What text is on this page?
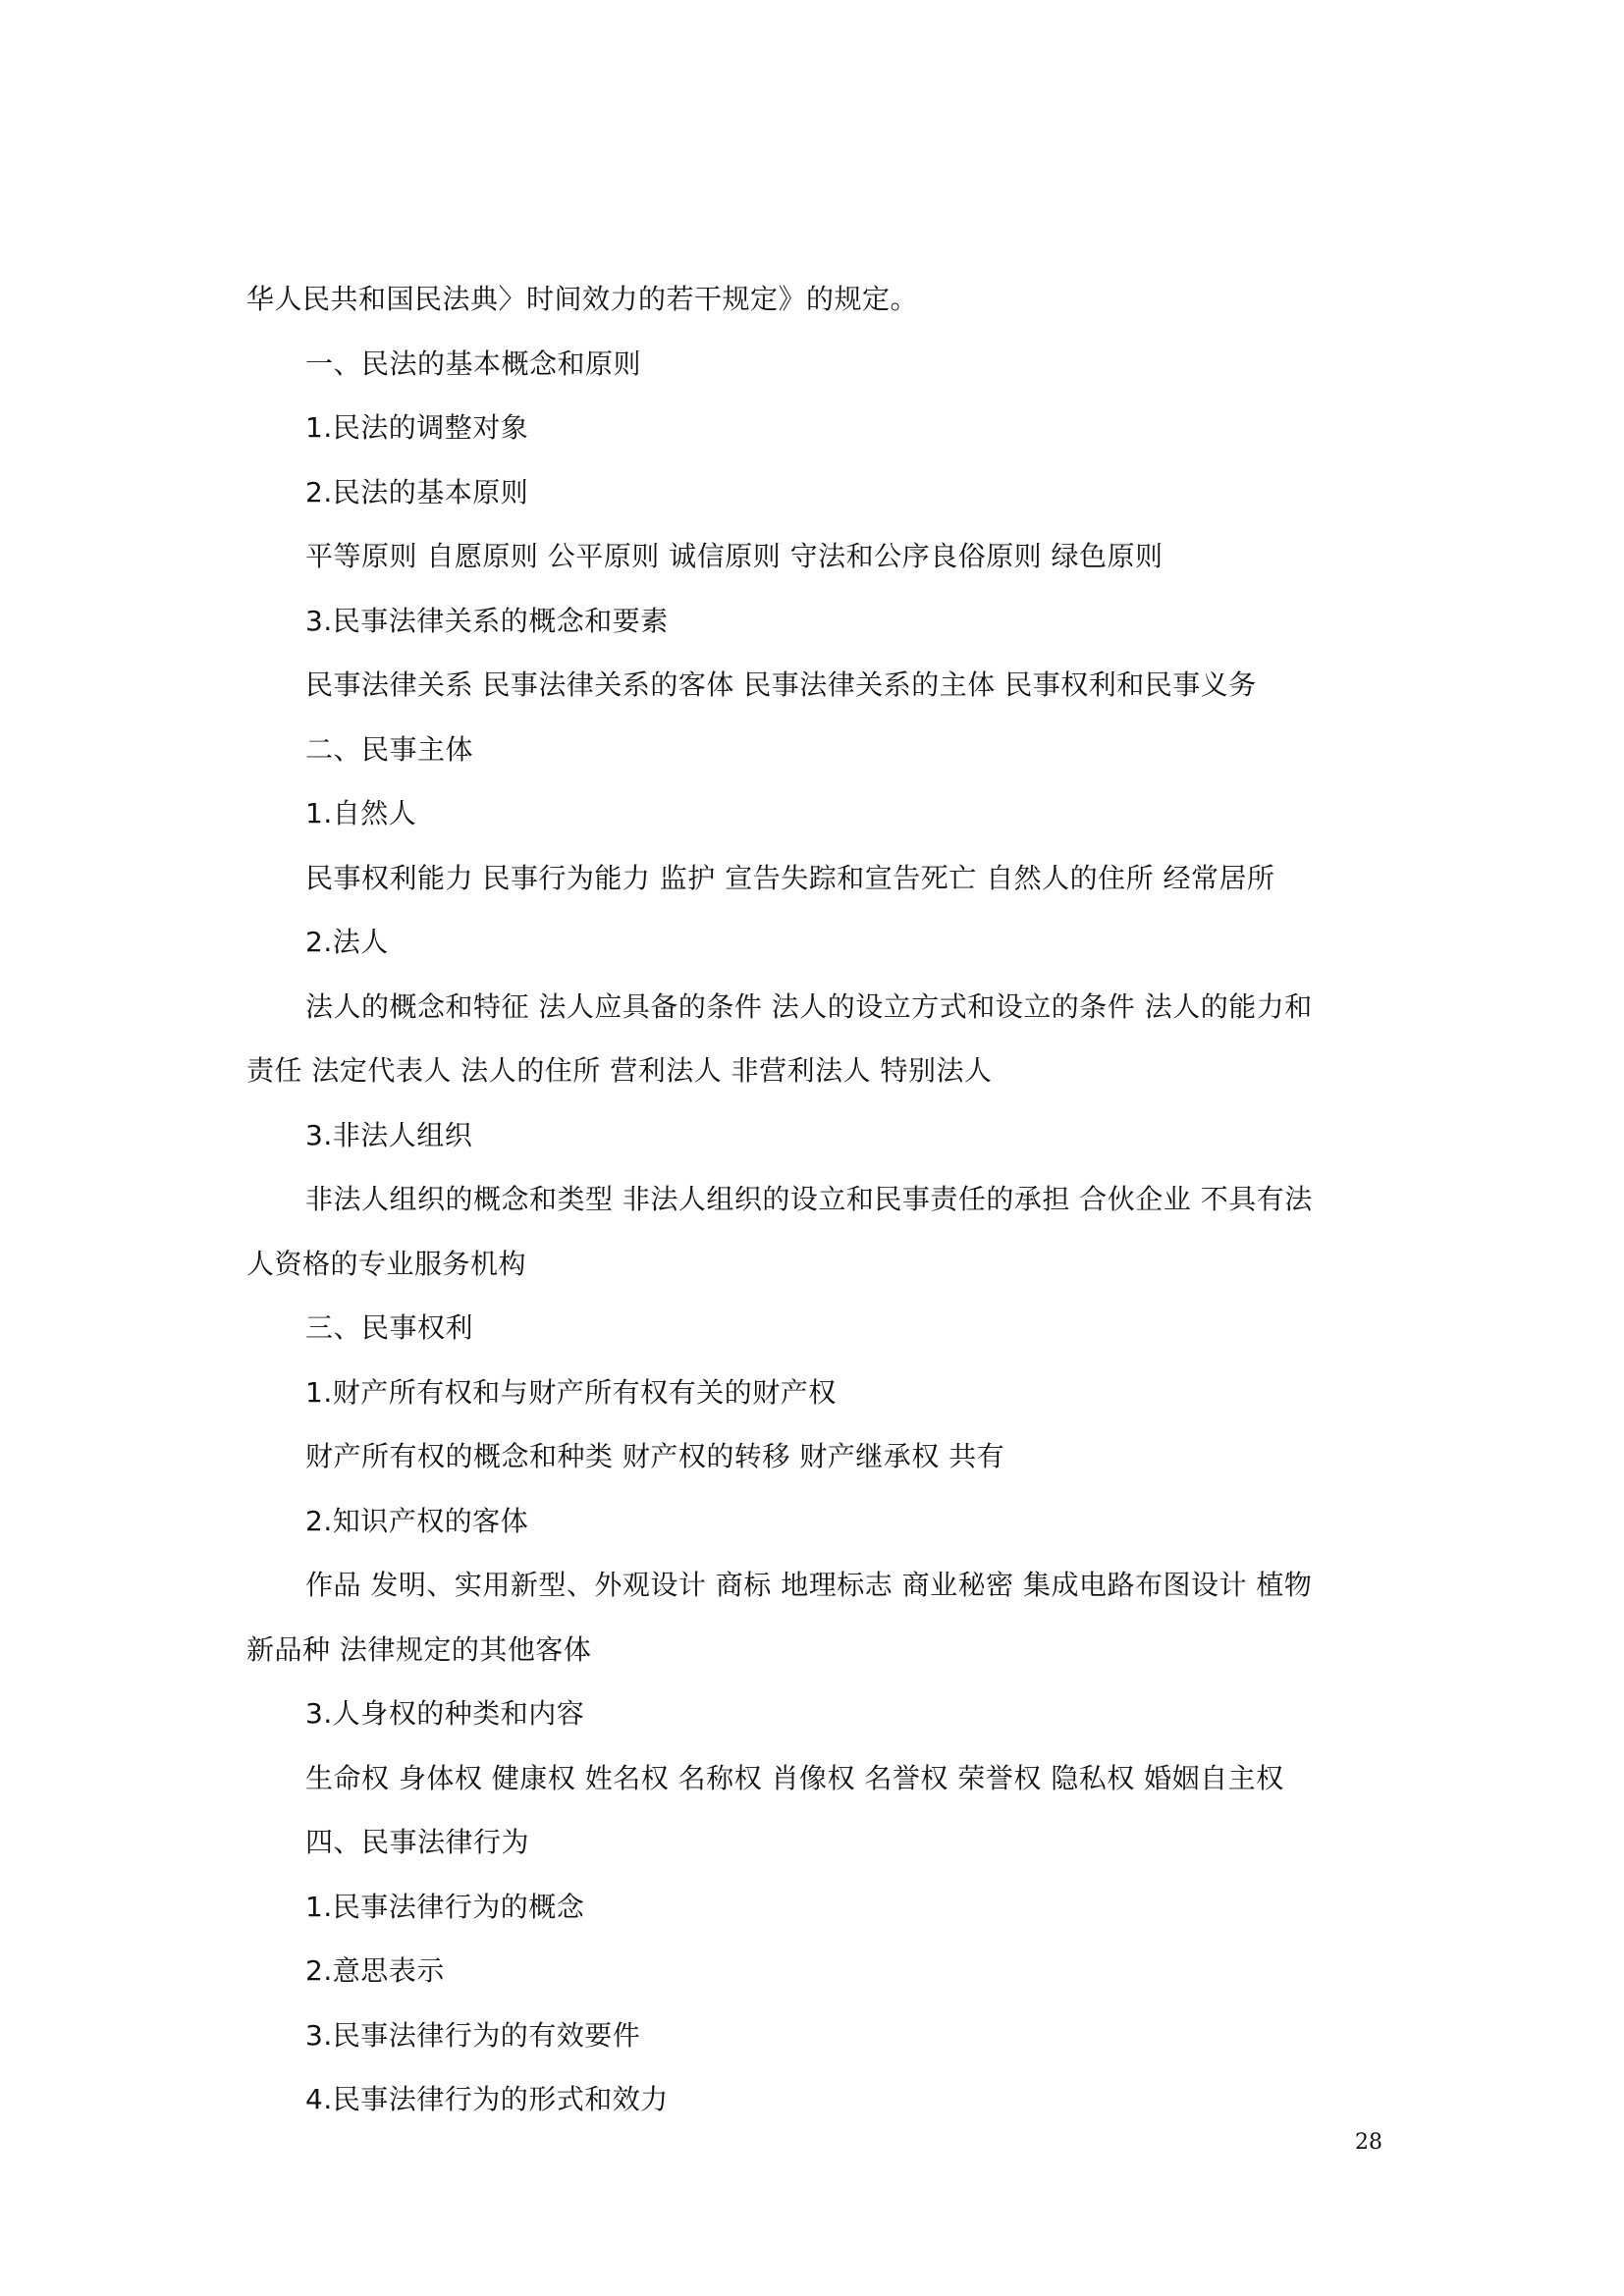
华人民共和国民法典〉时间效力的若干规定》的规定。
一、民法的基本概念和原则
1.民法的调整对象
2.民法的基本原则
平等原则 自愿原则 公平原则 诚信原则 守法和公序良俗原则 绿色原则
3.民事法律关系的概念和要素
民事法律关系 民事法律关系的客体 民事法律关系的主体 民事权利和民事义务
二、民事主体
1.自然人
民事权利能力 民事行为能力 监护 宣告失踪和宣告死亡 自然人的住所 经常居所
2.法人
法人的概念和特征 法人应具备的条件 法人的设立方式和设立的条件 法人的能力和
责任 法定代表人 法人的住所 营利法人 非营利法人 特别法人
3.非法人组织
非法人组织的概念和类型 非法人组织的设立和民事责任的承担 合伙企业 不具有法
人资格的专业服务机构
三、民事权利
1.财产所有权和与财产所有权有关的财产权
财产所有权的概念和种类 财产权的转移 财产继承权 共有
2.知识产权的客体
作品 发明、实用新型、外观设计 商标 地理标志 商业秘密 集成电路布图设计 植物
新品种 法律规定的其他客体
3.人身权的种类和内容
生命权 身体权 健康权 姓名权 名称权 肖像权 名誉权 荣誉权 隐私权 婚姻自主权
四、民事法律行为
1.民事法律行为的概念
2.意思表示
3.民事法律行为的有效要件
4.民事法律行为的形式和效力
28
